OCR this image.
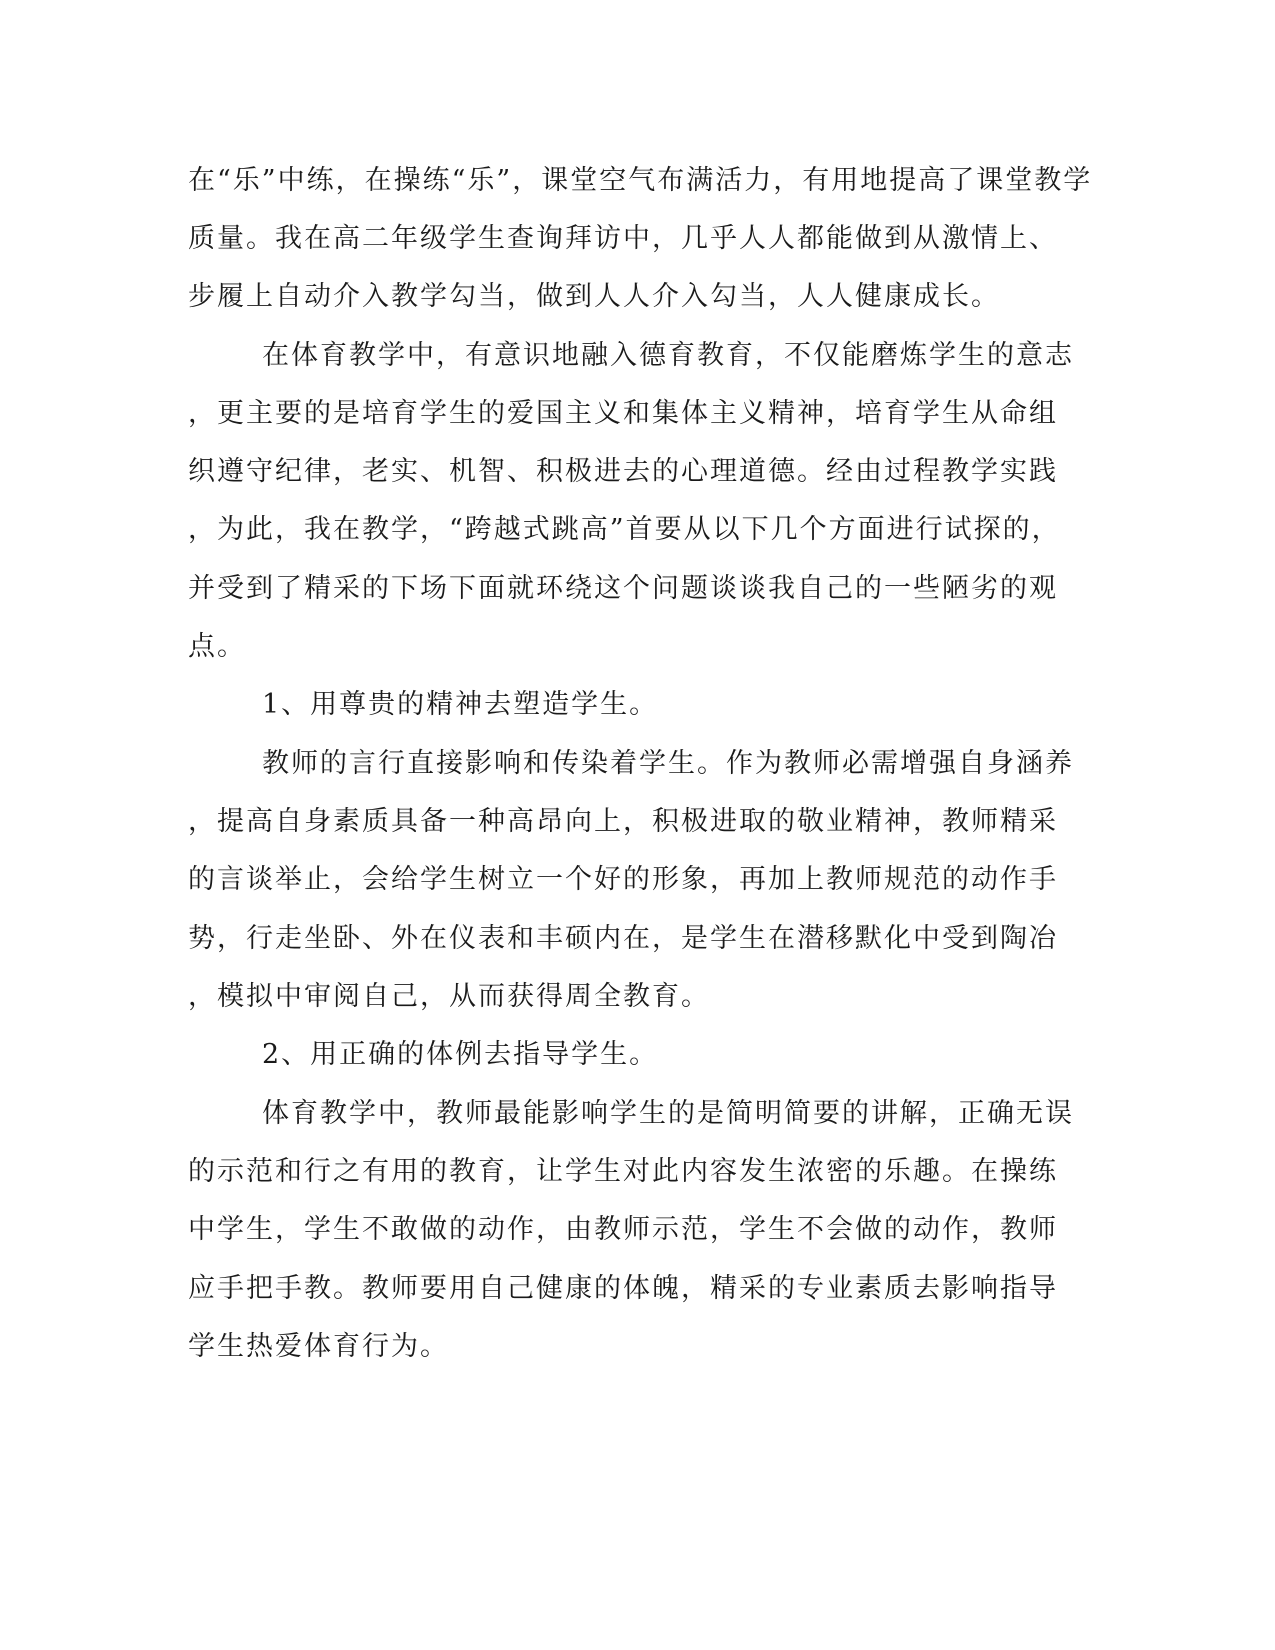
在“乐”中练，在操练“乐”，课堂空气布满活力，有用地提高了课堂教学
质量。我在高二年级学生查询拜访中，几乎人人都能做到从激情上、
步履上自动介入教学勾当，做到人人介入勾当，人人健康成长。
在体育教学中，有意识地融入德育教育，不仅能磨炼学生的意志
，更主要的是培育学生的爱国主义和集体主义精神，培育学生从命组
织遵守纪律，老实、机智、积极进去的心理道德。经由过程教学实践
，为此，我在教学，“跨越式跳高”首要从以下几个方面进行试探的，
并受到了精采的下场下面就环绕这个问题谈谈我自己的一些陋劣的观
点。
1、用尊贵的精神去塑造学生。
教师的言行直接影响和传染着学生。作为教师必需增强自身涵养
，提高自身素质具备一种高昂向上，积极进取的敬业精神，教师精采
的言谈举止，会给学生树立一个好的形象，再加上教师规范的动作手
势，行走坐卧、外在仪表和丰硕内在，是学生在潜移默化中受到陶冶
，模拟中审阅自己，从而获得周全教育。
2、用正确的体例去指导学生。
体育教学中，教师最能影响学生的是简明简要的讲解，正确无误
的示范和行之有用的教育，让学生对此内容发生浓密的乐趣。在操练
中学生，学生不敢做的动作，由教师示范，学生不会做的动作，教师
应手把手教。教师要用自己健康的体魄，精采的专业素质去影响指导
学生热爱体育行为。
